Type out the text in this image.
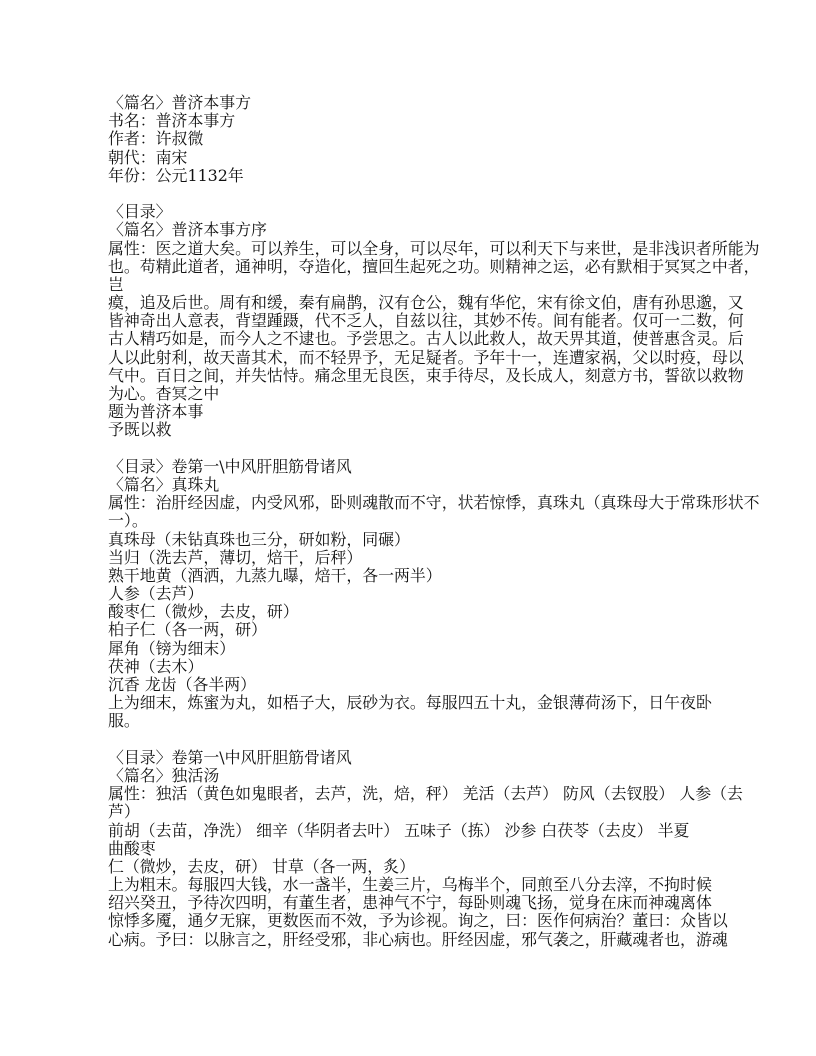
〈篇名〉普济本事方
书名：普济本事方
作者：许叔微
朝代：南宋
年份：公元1132年
〈目录〉
〈篇名〉普济本事方序
属性：医之道大矣。可以养生，可以全身，可以尽年，可以利天下与来世，是非浅识者所能为
也。苟精此道者，通神明，夺造化，擅回生起死之功。则精神之运，必有默相于冥冥之中者，
岂
瘼，追及后世。周有和缓，秦有扁鹊，汉有仓公，魏有华佗，宋有徐文伯，唐有孙思邈，又
皆神奇出人意表，背望踵蹑，代不乏人，自兹以往，其妙不传。间有能者。仅可一二数，何
古人精巧如是，而今人之不逮也。予尝思之。古人以此救人，故天畀其道，使普惠含灵。后
人以此射利，故天啬其术，而不轻畀予，无足疑者。予年十一，连遭家祸，父以时疫，母以
气中。百日之间，并失怙恃。痛念里无良医，束手待尽，及长成人，刻意方书，誓欲以救物
为心。杳冥之中
题为普济本事
予既以救
〈目录〉卷第一\中风肝胆筋骨诸风
〈篇名〉真珠丸
属性：治肝经因虚，内受风邪，卧则魂散而不守，状若惊悸，真珠丸（真珠母大于常珠形状不
一）。
真珠母（未钻真珠也三分，研如粉，同碾）
当归（洗去芦，薄切，焙干，后秤）
熟干地黄（酒洒，九蒸九曝，焙干，各一两半）
人参（去芦）
酸枣仁（微炒，去皮，研）
柏子仁（各一两，研）
犀角（镑为细末）
茯神（去木）
沉香 龙齿（各半两）
上为细末，炼蜜为丸，如梧子大，辰砂为衣。每服四五十丸，金银薄荷汤下，日午夜卧
服。
〈目录〉卷第一\中风肝胆筋骨诸风
〈篇名〉独活汤
属性：独活（黄色如鬼眼者，去芦，洗，焙，秤） 羌活（去芦） 防风（去钗股） 人参（去
芦）
前胡（去苗，净洗） 细辛（华阴者去叶） 五味子（拣） 沙参 白茯苓（去皮） 半夏
曲酸枣
仁（微炒，去皮，研） 甘草（各一两，炙）
上为粗末。每服四大钱，水一盏半，生姜三片，乌梅半个，同煎至八分去滓，不拘时候
绍兴癸丑，予待次四明，有董生者，患神气不宁，每卧则魂飞扬，觉身在床而神魂离体
惊悸多魇，通夕无寐，更数医而不效，予为诊视。询之，曰：医作何病治？董曰：众皆以
心病。予曰：以脉言之，肝经受邪，非心病也。肝经因虚，邪气袭之，肝藏魂者也，游魂
